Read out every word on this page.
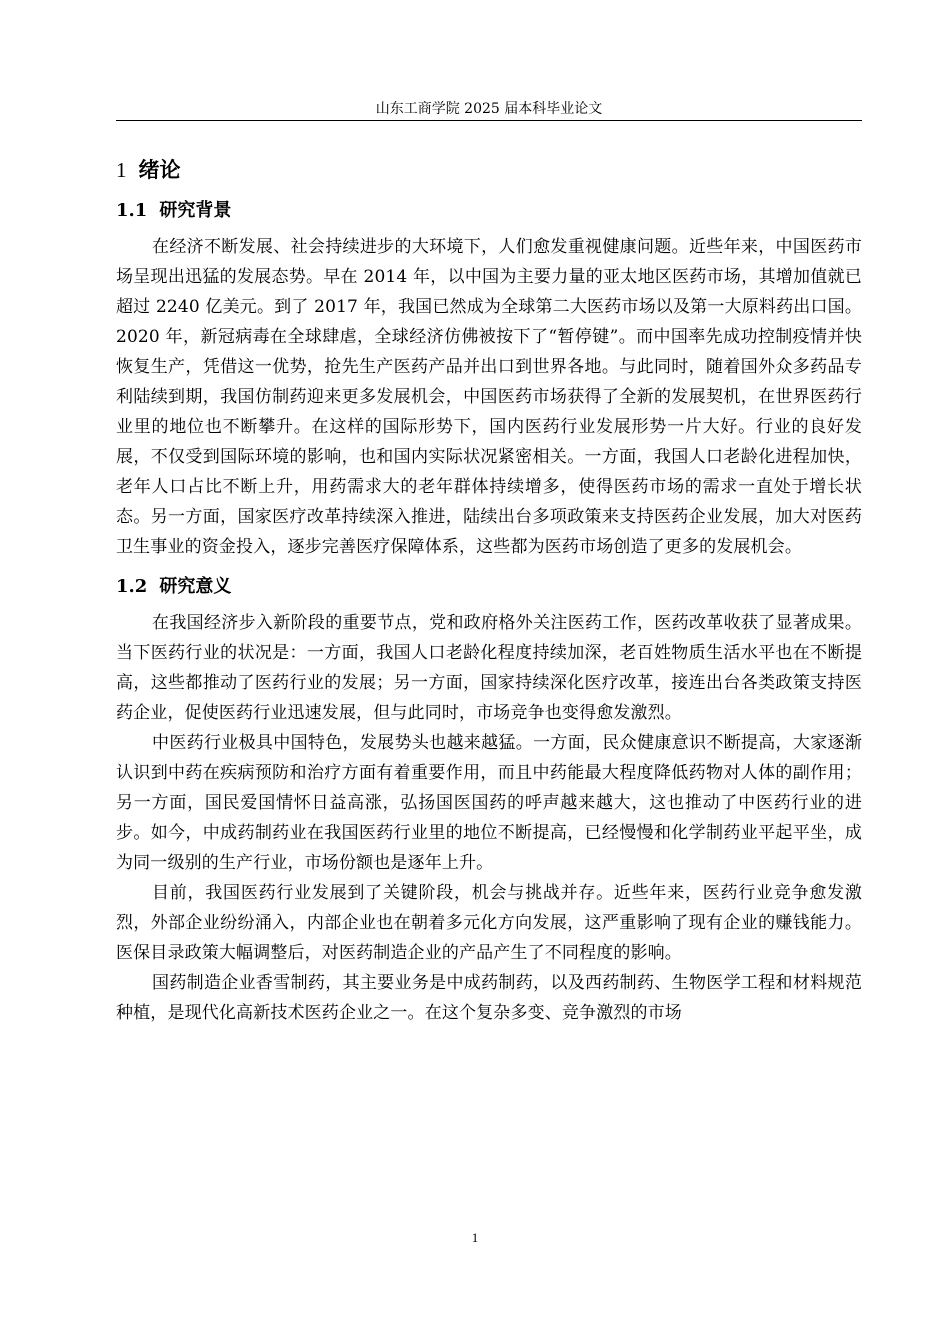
山东工商学院 2025 届本科毕业论文
1 绪论
1.1 研究背景

在经济不断发展、社会持续进步的大环境下，人们愈发重视健康问题。近些年来，中国医药市场呈现出迅猛的发展态势。早在 2014 年，以中国为主要力量的亚太地区医药市场，其增加值就已超过 2240 亿美元。到了 2017 年，我国已然成为全球第二大医药市场以及第一大原料药出口国。2020 年，新冠病毒在全球肆虐，全球经济仿佛被按下了“暂停键”。而中国率先成功控制疫情并快恢复生产，凭借这一优势，抢先生产医药产品并出口到世界各地。与此同时，随着国外众多药品专利陆续到期，我国仿制药迎来更多发展机会，中国医药市场获得了全新的发展契机，在世界医药行业里的地位也不断攀升。在这样的国际形势下，国内医药行业发展形势一片大好。行业的良好发展，不仅受到国际环境的影响，也和国内实际状况紧密相关。一方面，我国人口老龄化进程加快，老年人口占比不断上升，用药需求大的老年群体持续增多，使得医药市场的需求一直处于增长状态。另一方面，国家医疗改革持续深入推进，陆续出台多项政策来支持医药企业发展，加大对医药卫生事业的资金投入，逐步完善医疗保障体系，这些都为医药市场创造了更多的发展机会。

1.2 研究意义

在我国经济步入新阶段的重要节点，党和政府格外关注医药工作，医药改革收获了显著成果。当下医药行业的状况是：一方面，我国人口老龄化程度持续加深，老百姓物质生活水平也在不断提高，这些都推动了医药行业的发展；另一方面，国家持续深化医疗改革，接连出台各类政策支持医药企业，促使医药行业迅速发展，但与此同时，市场竞争也变得愈发激烈。

中医药行业极具中国特色，发展势头也越来越猛。一方面，民众健康意识不断提高，大家逐渐认识到中药在疾病预防和治疗方面有着重要作用，而且中药能最大程度降低药物对人体的副作用；另一方面，国民爱国情怀日益高涨，弘扬国医国药的呼声越来越大，这也推动了中医药行业的进步。如今，中成药制药业在我国医药行业里的地位不断提高，已经慢慢和化学制药业平起平坐，成为同一级别的生产行业，市场份额也是逐年上升。

目前，我国医药行业发展到了关键阶段，机会与挑战并存。近些年来，医药行业竞争愈发激烈，外部企业纷纷涌入，内部企业也在朝着多元化方向发展，这严重影响了现有企业的赚钱能力。医保目录政策大幅调整后，对医药制造企业的产品产生了不同程度的影响。

国药制造企业香雪制药，其主要业务是中成药制药，以及西药制药、生物医学工程和材料规范种植，是现代化高新技术医药企业之一。在这个复杂多变、竞争激烈的市场

1
